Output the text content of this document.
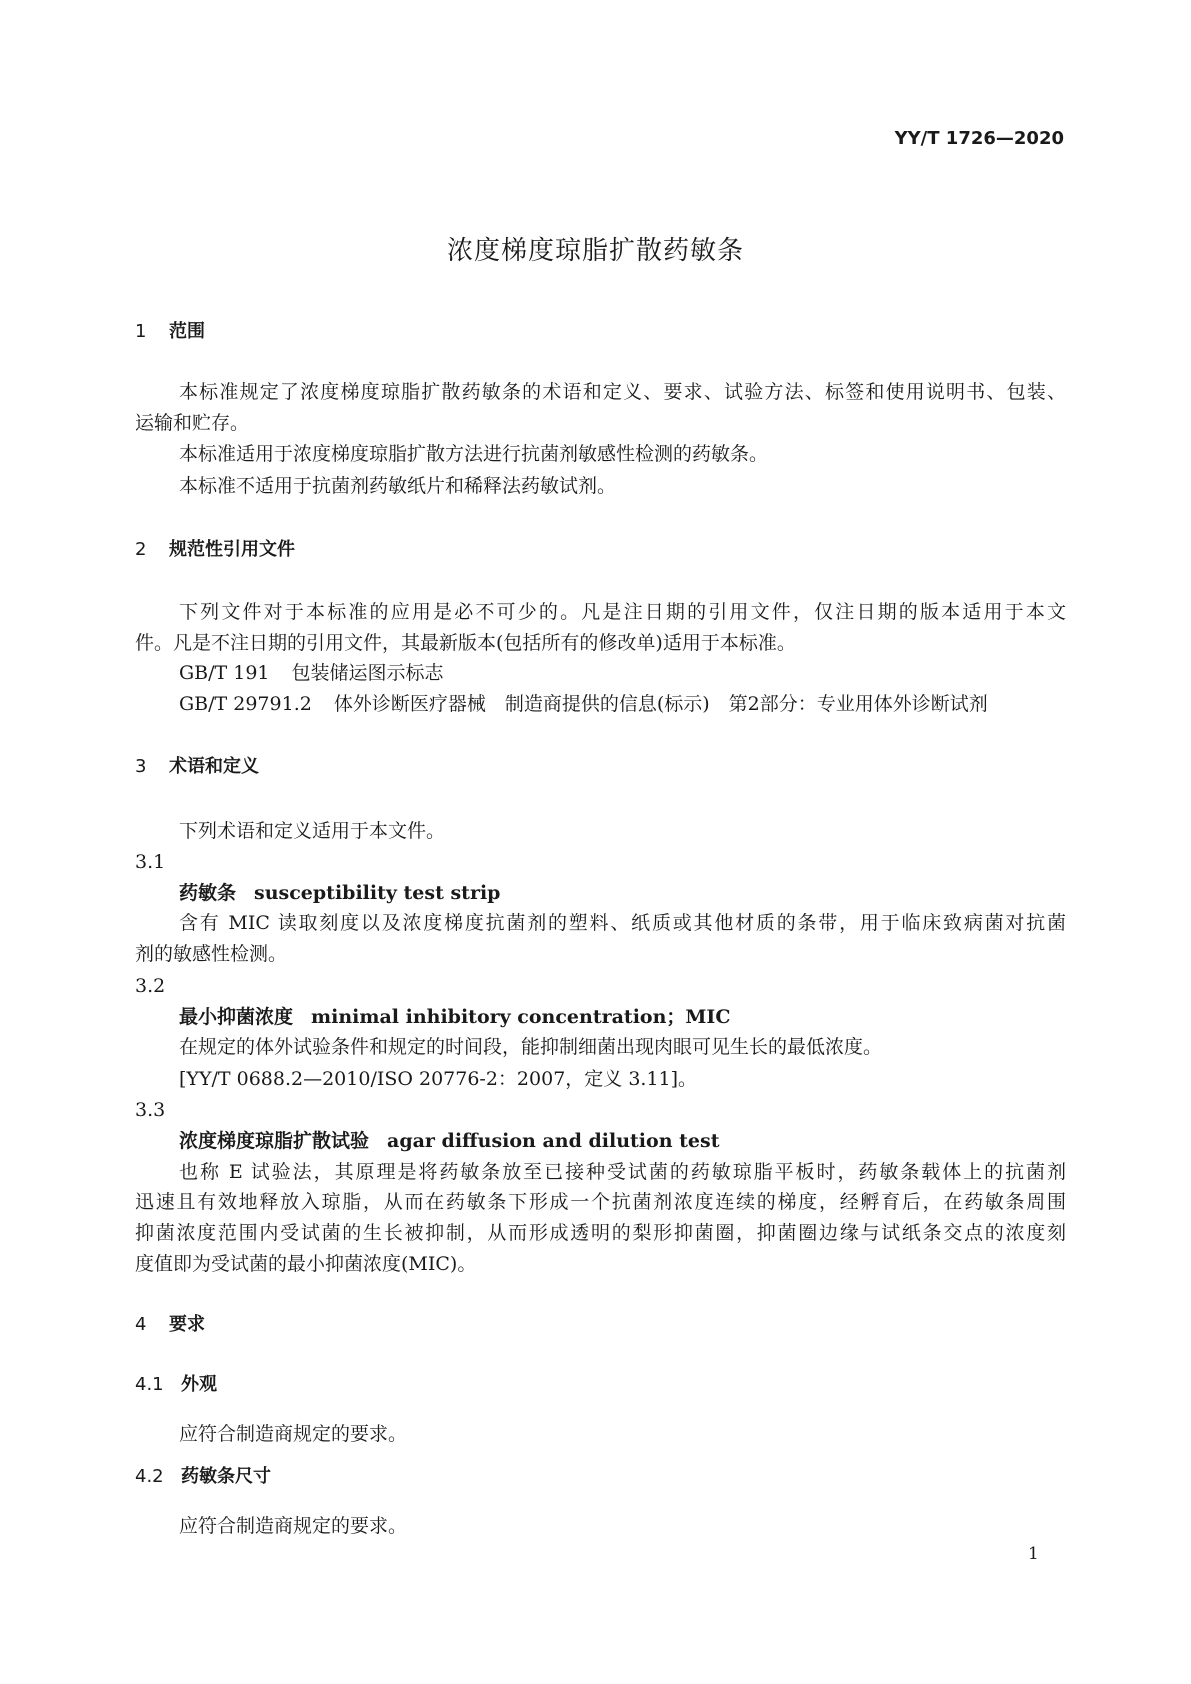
YY/T 1726—2020
浓度梯度琼脂扩散药敏条
1 范围
本标准规定了浓度梯度琼脂扩散药敏条的术语和定义、要求、试验方法、标签和使用说明书、包装、
运输和贮存。
本标准适用于浓度梯度琼脂扩散方法进行抗菌剂敏感性检测的药敏条。
本标准不适用于抗菌剂药敏纸片和稀释法药敏试剂。
2 规范性引用文件
下列文件对于本标准的应用是必不可少的。凡是注日期的引用文件，仅注日期的版本适用于本文
件。凡是不注日期的引用文件，其最新版本(包括所有的修改单)适用于本标准。
GB/T 191 包装储运图示标志
GB/T 29791.2 体外诊断医疗器械　制造商提供的信息(标示)　第2部分：专业用体外诊断试剂
3 术语和定义
下列术语和定义适用于本文件。
3.1
药敏条 susceptibility test strip
含有 MIC 读取刻度以及浓度梯度抗菌剂的塑料、纸质或其他材质的条带，用于临床致病菌对抗菌
剂的敏感性检测。
3.2
最小抑菌浓度 minimal inhibitory concentration；MIC
在规定的体外试验条件和规定的时间段，能抑制细菌出现肉眼可见生长的最低浓度。
[YY/T 0688.2—2010/ISO 20776-2：2007，定义 3.11]。
3.3
浓度梯度琼脂扩散试验 agar diffusion and dilution test
也称 E 试验法，其原理是将药敏条放至已接种受试菌的药敏琼脂平板时，药敏条载体上的抗菌剂
迅速且有效地释放入琼脂，从而在药敏条下形成一个抗菌剂浓度连续的梯度，经孵育后，在药敏条周围
抑菌浓度范围内受试菌的生长被抑制，从而形成透明的梨形抑菌圈，抑菌圈边缘与试纸条交点的浓度刻
度值即为受试菌的最小抑菌浓度(MIC)。
4 要求
4.1 外观
应符合制造商规定的要求。
4.2 药敏条尺寸
应符合制造商规定的要求。
1
